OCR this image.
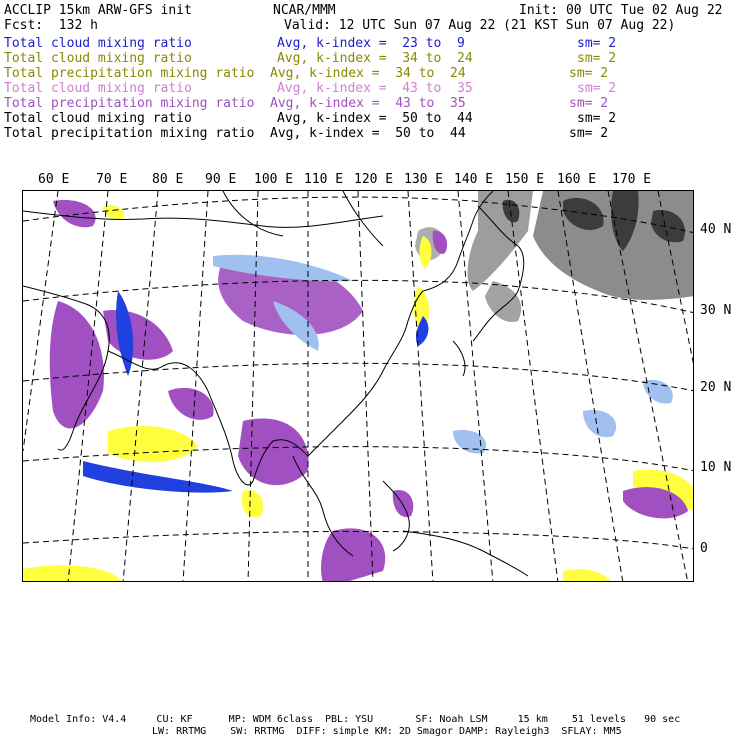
ACCLIP 15km ARW-GFS init	NCAR/MMM	Init: 00 UTC Tue 02 Aug 22
Fcst:  132 h	Valid: 12 UTC Sun 07 Aug 22 (21 KST Sun 07 Aug 22)
Total cloud mixing ratio	Avg, k-index =  23 to  9	sm= 2
Total cloud mixing ratio	Avg, k-index =  34 to  24	sm= 2
Total precipitation mixing ratio Avg, k-index =  34 to  24	sm= 2
Total cloud mixing ratio	Avg, k-index =  43 to  35	sm= 2
Total precipitation mixing ratio Avg, k-index =  43 to  35	sm= 2
Total cloud mixing ratio	Avg, k-index =  50 to  44	sm= 2
Total precipitation mixing ratio Avg, k-index =  50 to  44	sm= 2
60 E 70 E 80 E 90 E 100 E 110 E 120 E 130 E 140 E 150 E 160 E 170 E
40 N
30 N
20 N
10 N
0
Model Info: V4.4     CU: KF      MP: WDM 6class  PBL: YSU       SF: Noah LSM     15 km    51 levels   90 sec
LW: RRTMG    SW: RRTMG  DIFF: simple KM: 2D Smagor DAMP: Rayleigh3  SFLAY: MM5
